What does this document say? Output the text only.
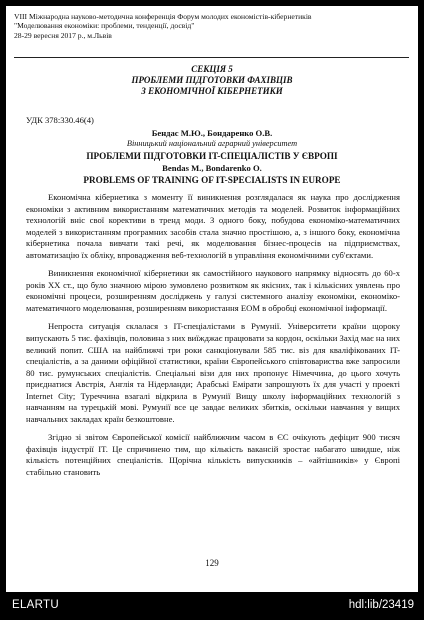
VIII Міжнародна науково-методична конференція Форум молодих економістів-кібернетиків
"Моделювання економіки: проблеми, тенденції, досвід"
28-29 вересня 2017 р., м.Львів
СЕКЦІЯ 5
ПРОБЛЕМИ ПІДГОТОВКИ ФАХІВЦІВ
З ЕКОНОМІЧНОЇ КІБЕРНЕТИКИ
УДК 378:330.46(4)
Бендас М.Ю., Бондаренко О.В.
Вінницький національний аграрний університет
ПРОБЛЕМИ ПІДГОТОВКИ IT-СПЕЦІАЛІСТІВ У ЄВРОПІ
Bendas M., Bondarenko O.
PROBLEMS OF TRAINING OF IT-SPECIALISTS IN EUROPE

Економічна кібернетика з моменту її виникнення розглядалася як наука про дослідження економіки з активним використанням математичних методів та моделей. Розвиток інформаційних технологій вніс свої корективи в тренд моди. З одного боку, побудова економіко-математичних моделей з використанням програмних засобів стала значно простішою, а, з іншого боку, економічна кібернетика почала вивчати такі речі, як моделювання бізнес-процесів на підприємствах, автоматизацію їх обліку, впровадження веб-технологій в управління економічними суб'єктами.

Виникнення економічної кібернетики як самостійного наукового напрямку відносять до 60-х років XX ст., що було значною мірою зумовлено розвитком як якісних, так і кількісних уявлень про економічні процеси, розширенням досліджень у галузі системного аналізу економіки, економіко-математичного моделювання, розширенням використання ЕОМ в обробці економічної інформації.

Непроста ситуація склалася з IT-спеціалістами в Румунії. Університети країни щороку випускають 5 тис. фахівців, половина з них виїжджає працювати за кордон, оскільки Захід має на них великий попит. США на найближчі три роки санкціонували 585 тис. віз для кваліфікованих IT-спеціалістів, а за даними офіційної статистики, країни Європейського співтовариства вже запросили 80 тис. румунських спеціалістів. Спеціальні візи для них пропонує Німеччина, до цього хочуть приєднатися Австрія, Англія та Нідерланди; Арабські Емірати запрошують їх для участі у проекті Internet City; Туреччина взагалі відкрила в Румунії Вищу школу інформаційних технологій з навчанням на турецькій мові. Румунії все це завдає великих збитків, оскільки навчання у вищих навчальних закладах країн безкоштовне.

Згідно зі звітом Європейської комісії найближчим часом в ЄС очікують дефіцит 900 тисяч фахівців індустрії IT. Це спричинено тим, що кількість вакансій зростає набагато швидше, ніж кількість потенційних спеціалістів. Щорічна кількість випускників – «айтішників» у Європі стабільно становить

129
ELARTU	hdl:lib/23419
